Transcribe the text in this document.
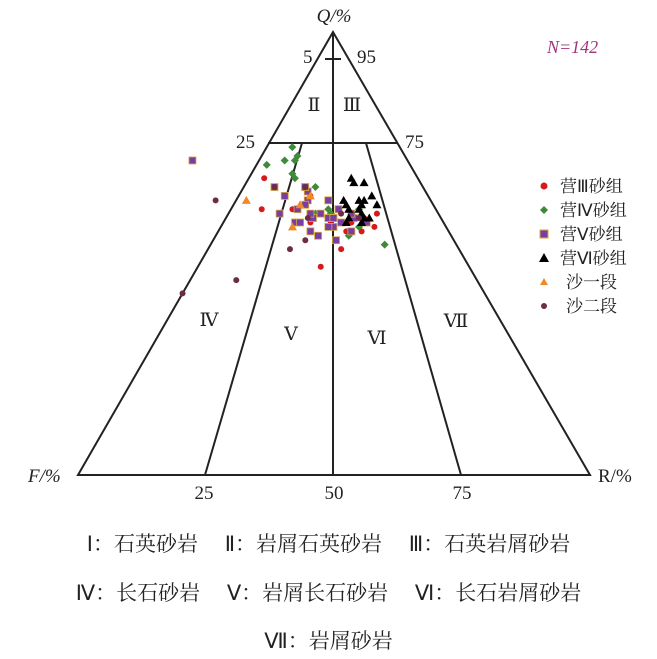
Q/%
F/%	R/%
N=142
5 95
25	75
25	50	75
Ⅱ Ⅲ
Ⅳ
Ⅴ	Ⅵ
Ⅶ
营Ⅲ砂组
营Ⅳ砂组
营Ⅴ砂组
营Ⅵ砂组
沙一段
沙二段
Ⅰ：石英砂岩 Ⅱ：岩屑石英砂岩 Ⅲ：石英岩屑砂岩
Ⅳ：长石砂岩 Ⅴ：岩屑长石砂岩 Ⅵ：长石岩屑砂岩
Ⅶ：岩屑砂岩
